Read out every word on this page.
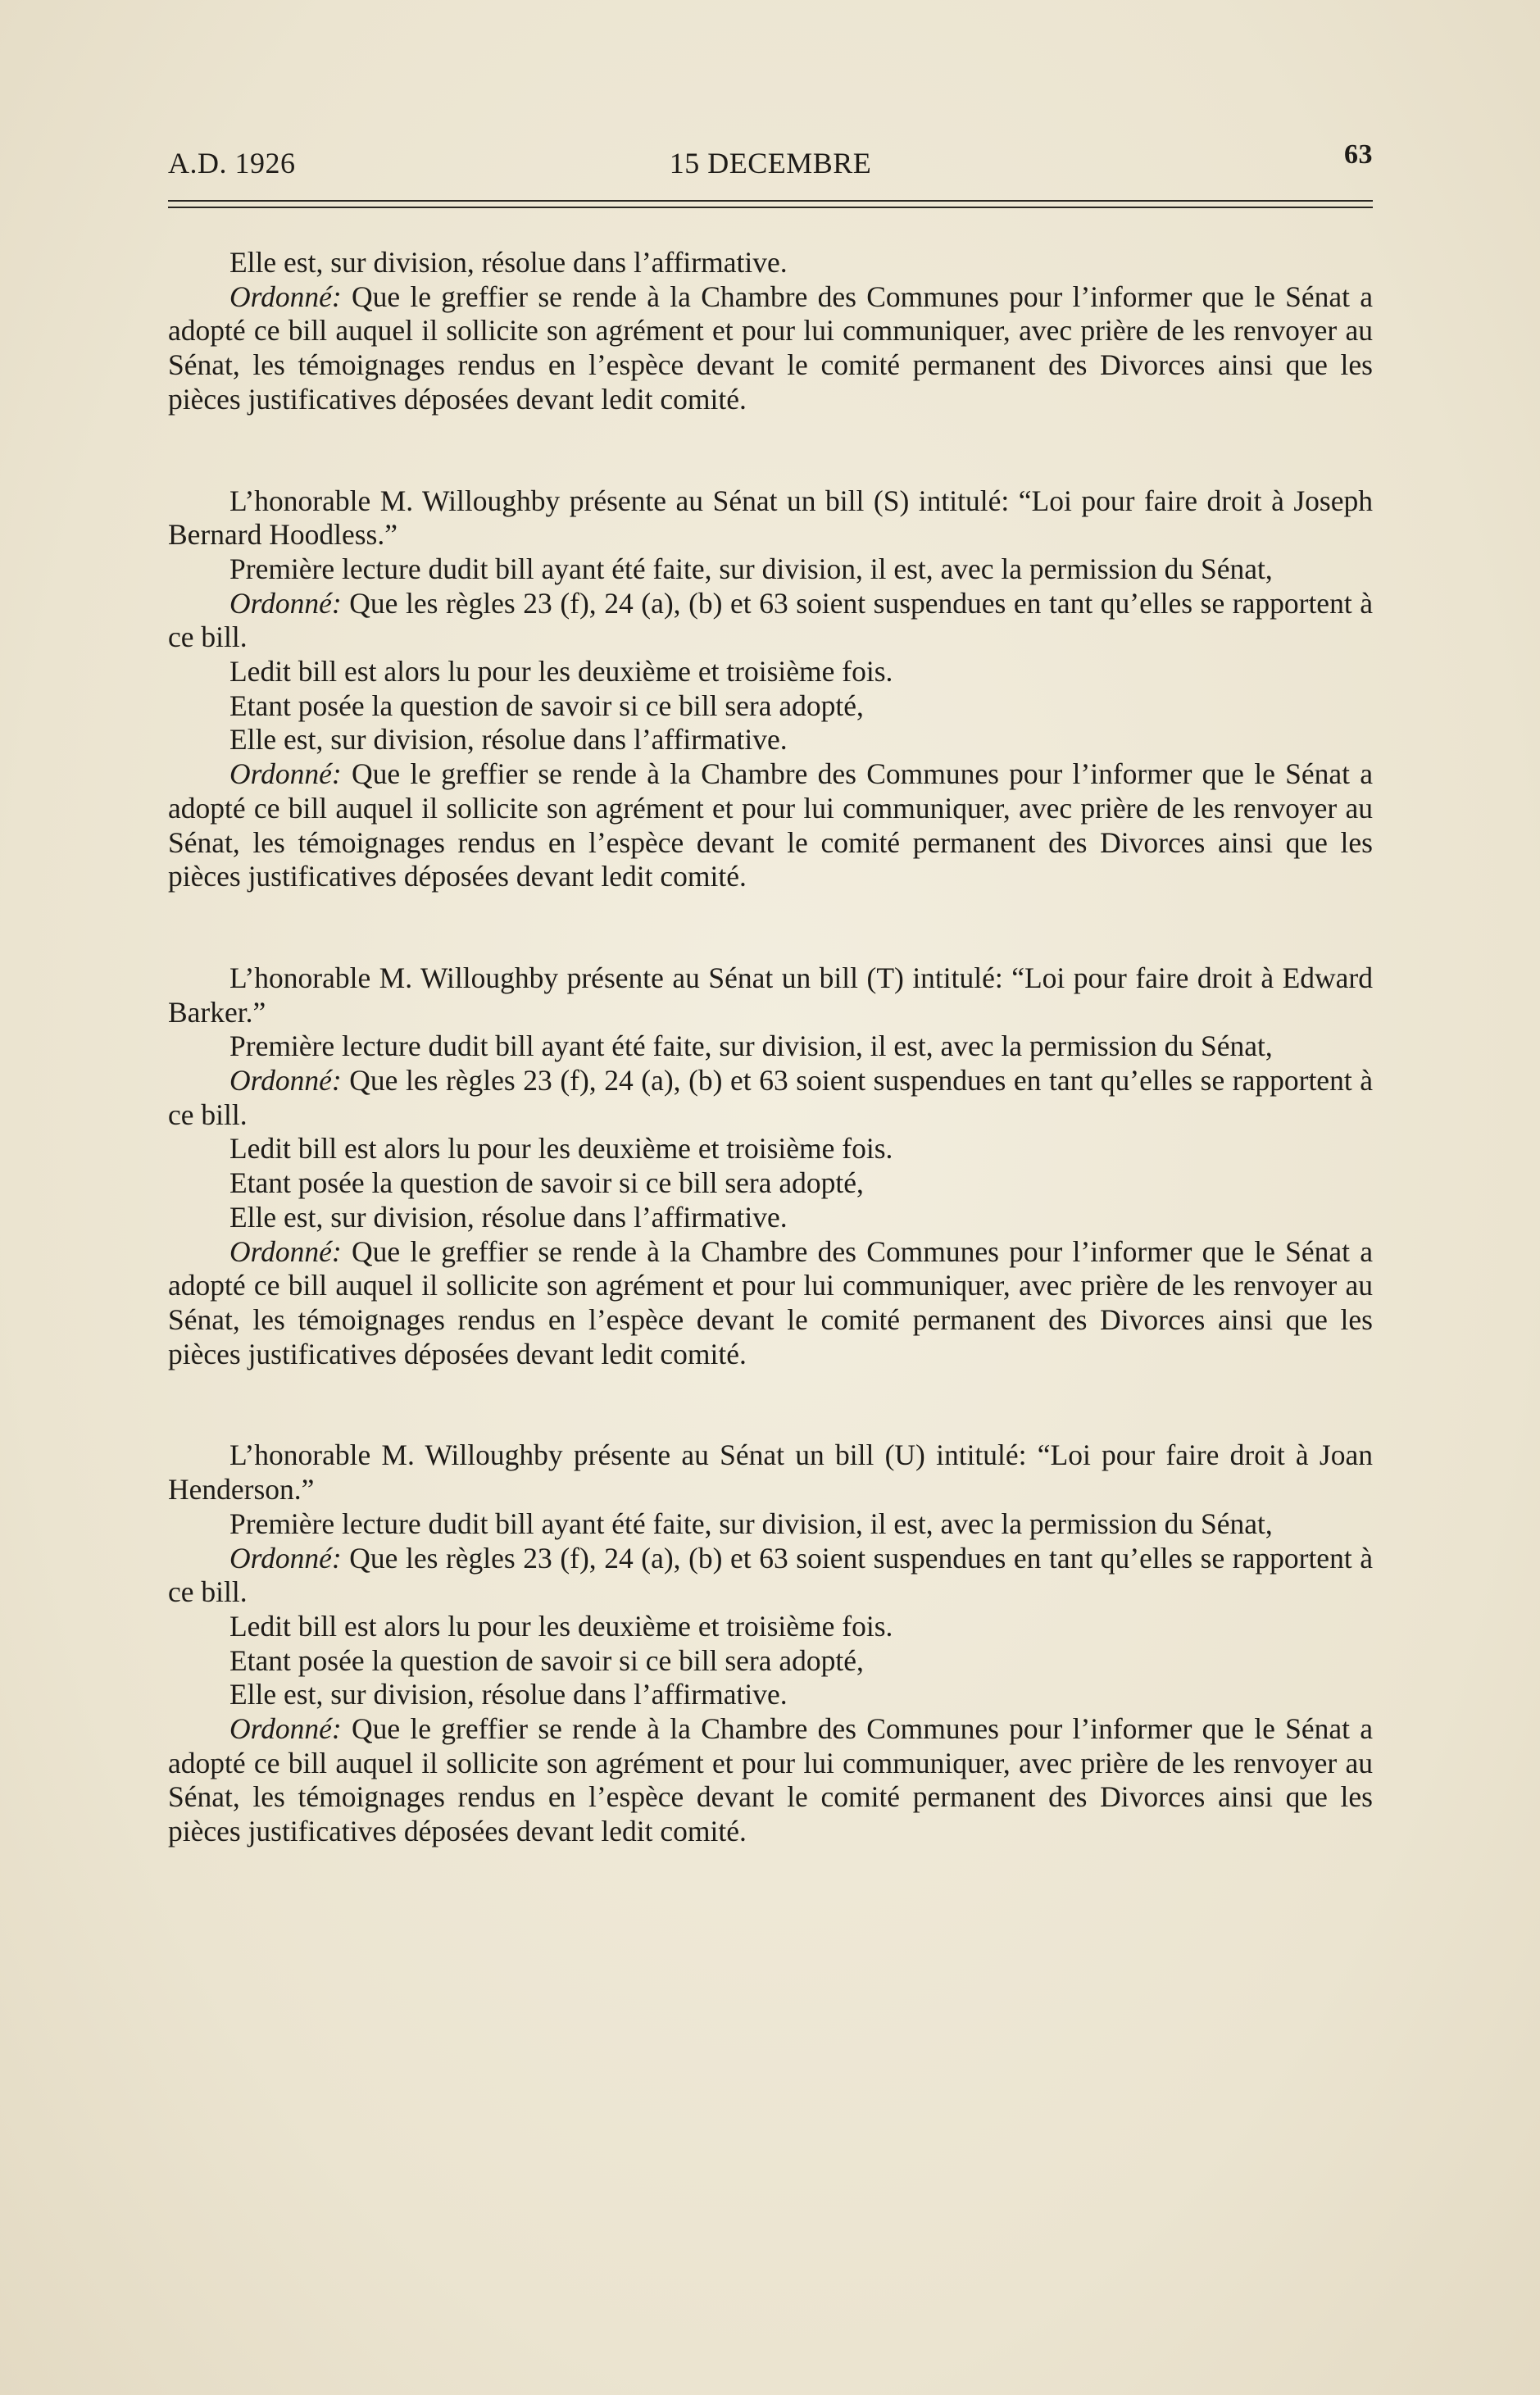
A.D. 1926	15 DECEMBRE	63

Elle est, sur division, résolue dans l’affirmative.

Ordonné: Que le greffier se rende à la Chambre des Communes pour l’informer que le Sénat a adopté ce bill auquel il sollicite son agrément et pour lui communiquer, avec prière de les renvoyer au Sénat, les témoignages rendus en l’espèce devant le comité permanent des Divorces ainsi que les pièces justificatives déposées devant ledit comité.

L’honorable M. Willoughby présente au Sénat un bill (S) intitulé: “Loi pour faire droit à Joseph Bernard Hoodless.”

Première lecture dudit bill ayant été faite, sur division, il est, avec la permission du Sénat,

Ordonné: Que les règles 23 (f), 24 (a), (b) et 63 soient suspendues en tant qu’elles se rapportent à ce bill.

Ledit bill est alors lu pour les deuxième et troisième fois.

Etant posée la question de savoir si ce bill sera adopté,

Elle est, sur division, résolue dans l’affirmative.

Ordonné: Que le greffier se rende à la Chambre des Communes pour l’informer que le Sénat a adopté ce bill auquel il sollicite son agrément et pour lui communiquer, avec prière de les renvoyer au Sénat, les témoignages rendus en l’espèce devant le comité permanent des Divorces ainsi que les pièces justificatives déposées devant ledit comité.

L’honorable M. Willoughby présente au Sénat un bill (T) intitulé: “Loi pour faire droit à Edward Barker.”

Première lecture dudit bill ayant été faite, sur division, il est, avec la permission du Sénat,

Ordonné: Que les règles 23 (f), 24 (a), (b) et 63 soient suspendues en tant qu’elles se rapportent à ce bill.

Ledit bill est alors lu pour les deuxième et troisième fois.

Etant posée la question de savoir si ce bill sera adopté,

Elle est, sur division, résolue dans l’affirmative.

Ordonné: Que le greffier se rende à la Chambre des Communes pour l’informer que le Sénat a adopté ce bill auquel il sollicite son agrément et pour lui communiquer, avec prière de les renvoyer au Sénat, les témoignages rendus en l’espèce devant le comité permanent des Divorces ainsi que les pièces justificatives déposées devant ledit comité.

L’honorable M. Willoughby présente au Sénat un bill (U) intitulé: “Loi pour faire droit à Joan Henderson.”

Première lecture dudit bill ayant été faite, sur division, il est, avec la permission du Sénat,

Ordonné: Que les règles 23 (f), 24 (a), (b) et 63 soient suspendues en tant qu’elles se rapportent à ce bill.

Ledit bill est alors lu pour les deuxième et troisième fois.

Etant posée la question de savoir si ce bill sera adopté,

Elle est, sur division, résolue dans l’affirmative.

Ordonné: Que le greffier se rende à la Chambre des Communes pour l’informer que le Sénat a adopté ce bill auquel il sollicite son agrément et pour lui communiquer, avec prière de les renvoyer au Sénat, les témoignages rendus en l’espèce devant le comité permanent des Divorces ainsi que les pièces justificatives déposées devant ledit comité.
